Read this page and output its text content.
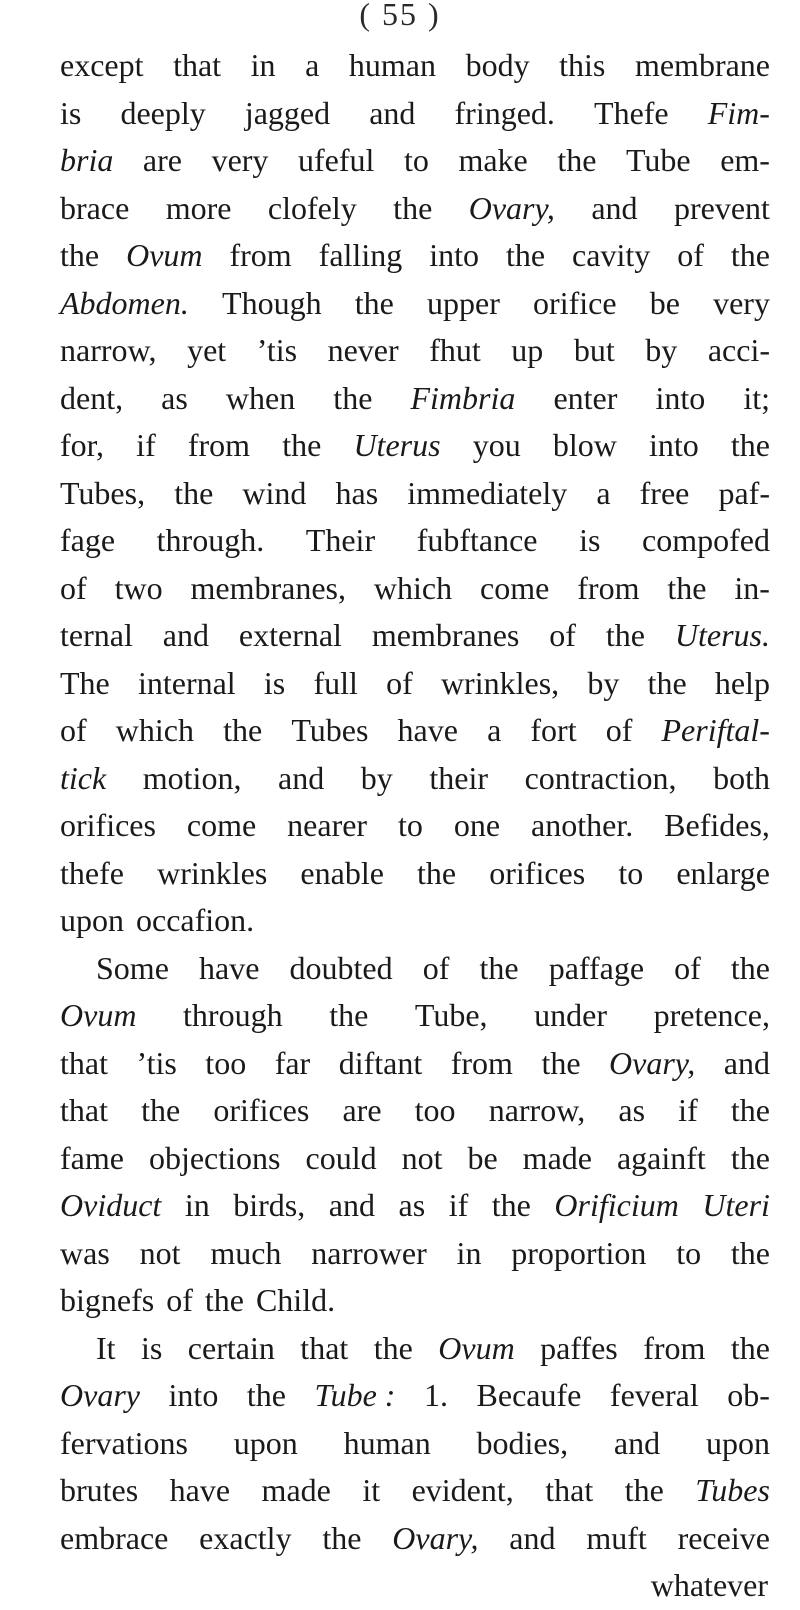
( 55 )
except that in a human body this membrane
is deeply jagged and fringed. Thefe Fim-
bria are very ufeful to make the Tube em-
brace more clofely the Ovary, and prevent
the Ovum from falling into the cavity of the
Abdomen. Though the upper orifice be very
narrow, yet ’tis never fhut up but by acci-
dent, as when the Fimbria enter into it;
for, if from the Uterus you blow into the
Tubes, the wind has immediately a free paf-
fage through. Their fubftance is compofed
of two membranes, which come from the in-
ternal and external membranes of the Uterus.
The internal is full of wrinkles, by the help
of which the Tubes have a fort of Periftal-
tick motion, and by their contraction, both
orifices come nearer to one another. Befides,
thefe wrinkles enable the orifices to enlarge
upon occafion.
Some have doubted of the paffage of the
Ovum through the Tube, under pretence,
that ’tis too far diftant from the Ovary, and
that the orifices are too narrow, as if the
fame objections could not be made againft the
Oviduct in birds, and as if the Orificium Uteri
was not much narrower in proportion to the
bignefs of the Child.
It is certain that the Ovum paffes from the
Ovary into the Tube : 1. Becaufe feveral ob-
fervations upon human bodies, and upon
brutes have made it evident, that the Tubes
embrace exactly the Ovary, and muft receive
whatever
